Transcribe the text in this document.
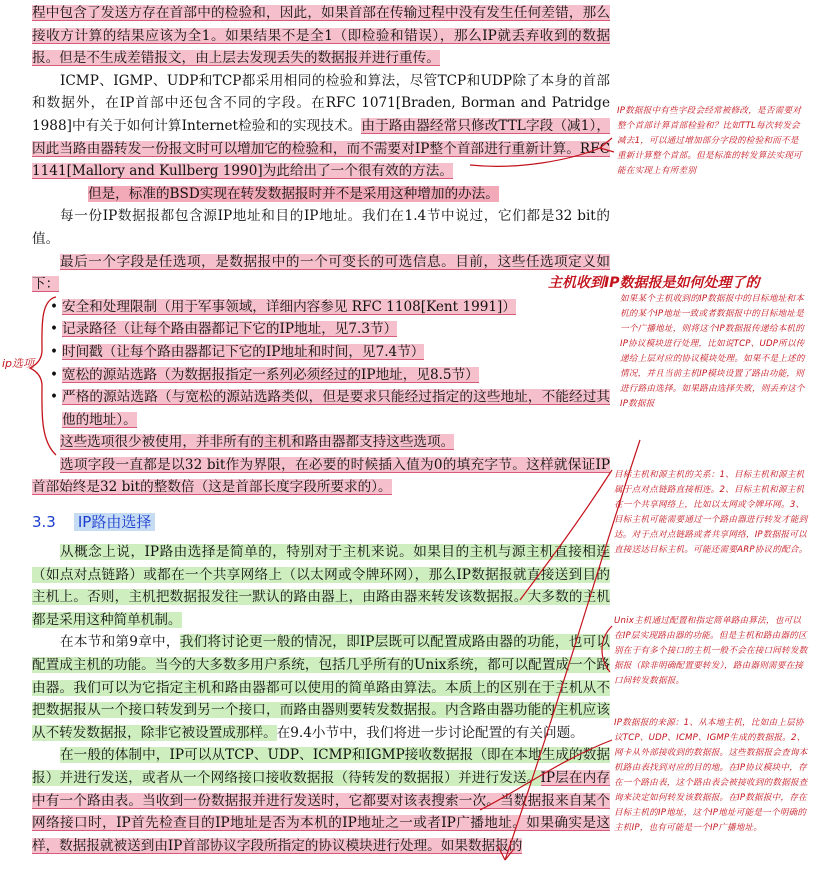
程中包含了发送方存在首部中的检验和，因此，如果首部在传输过程中没有发生任何差错，那么接收方计算的结果应该为全1。如果结果不是全1（即检验和错误），那么IP就丢弃收到的数据报。但是不生成差错报文，由上层去发现丢失的数据报并进行重传。

ICMP、IGMP、UDP和TCP都采用相同的检验和算法，尽管TCP和UDP除了本身的首部和数据外，在IP首部中还包含不同的字段。在RFC 1071[Braden, Borman and Patridge 1988]中有关于如何计算Internet检验和的实现技术。由于路由器经常只修改TTL字段（减1），因此当路由器转发一份报文时可以增加它的检验和，而不需要对IP整个首部进行重新计算。RFC 1141[Mallory and Kullberg 1990]为此给出了一个很有效的方法。

但是，标准的BSD实现在转发数据报时并不是采用这种增加的办法。

每一份IP数据报都包含源IP地址和目的IP地址。我们在1.4节中说过，它们都是32 bit的值。

最后一个字段是任选项，是数据报中的一个可变长的可选信息。目前，这些任选项定义如下：

• 安全和处理限制（用于军事领域，详细内容参见 RFC 1108[Kent 1991]）
• 记录路径（让每个路由器都记下它的IP地址，见7.3节）
• 时间戳（让每个路由器都记下它的IP地址和时间，见7.4节）
• 宽松的源站选路（为数据报指定一系列必须经过的IP地址，见8.5节）
• 严格的源站选路（与宽松的源站选路类似，但是要求只能经过指定的这些地址，不能经过其他的地址）。

这些选项很少被使用，并非所有的主机和路由器都支持这些选项。

选项字段一直都是以32 bit作为界限，在必要的时候插入值为0的填充字节。这样就保证IP首部始终是32 bit的整数倍（这是首部长度字段所要求的）。

3.3 IP路由选择

从概念上说，IP路由选择是简单的，特别对于主机来说。如果目的主机与源主机直接相连（如点对点链路）或都在一个共享网络上（以太网或令牌环网），那么IP数据报就直接送到目的主机上。否则，主机把数据报发往一默认的路由器上，由路由器来转发该数据报。大多数的主机都是采用这种简单机制。

在本节和第9章中，我们将讨论更一般的情况，即IP层既可以配置成路由器的功能，也可以配置成主机的功能。当今的大多数多用户系统，包括几乎所有的Unix系统，都可以配置成一个路由器。我们可以为它指定主机和路由器都可以使用的简单路由算法。本质上的区别在于主机从不把数据报从一个接口转发到另一个接口，而路由器则要转发数据报。内含路由器功能的主机应该从不转发数据报，除非它被设置成那样。在9.4小节中，我们将进一步讨论配置的有关问题。

在一般的体制中，IP可以从TCP、UDP、ICMP和IGMP接收数据报（即在本地生成的数据报）并进行发送，或者从一个网络接口接收数据报（待转发的数据报）并进行发送。IP层在内存中有一个路由表。当收到一份数据报并进行发送时，它都要对该表搜索一次。当数据报来自某个网络接口时，IP首先检查目的IP地址是否为本机的IP地址之一或者IP广播地址。如果确实是这样，数据报就被送到由IP首部协议字段所指定的协议模块进行处理。如果数据报的

ip选项
IP数据报中有些字段会经常被修改，是否需要对整个首部计算首部检验和？比如TTL每次转发会减去1，可以通过增加部分字段的检验和而不是重新计算整个首部。但是标准的转发算法实现可能在实现上有所差别
主机收到IP数据报是如何处理了的
如果某个主机收到的IP数据报中的目标地址和本机的某个IP地址一致或者数据报中的目标地址是一个广播地址，则将这个IP数据报传递给本机的IP协议模块进行处理，比如说TCP、UDP所以传递给上层对应的协议模块处理。如果不是上述的情况，并且当前主机IP模块设置了路由功能，则进行路由选择。如果路由选择失败，则丢弃这个IP数据报
目标主机和源主机的关系：1、目标主机和源主机属于点对点链路直接相连。2、目标主机和源主机在一个共享网络上，比如以太网或令牌环网。3、目标主机可能需要通过一个路由器进行转发才能到达。对于点对点链路或者共享网络，IP数据报可以直接送达目标主机。可能还需要ARP协议的配合。
Unix主机通过配置和指定简单路由算法，也可以在IP层实现路由器的功能。但是主机和路由器的区别在于有多个接口的主机一般不会在接口间转发数据报（除非明确配置要转发），路由器则需要在接口间转发数据报。
IP数据报的来源：1、从本地主机，比如由上层协议TCP、UDP、ICMP、IGMP生成的数据报。2、网卡从外部接收到的数据报。这些数据报会查询本机路由表找到对应的目的地。在IP协议模块中，存在一个路由表，这个路由表会被接收到的数据报查询来决定如何转发该数据报。在IP数据报中，存在目标主机的IP地址，这个IP地址可能是一个明确的主机IP，也有可能是一个IP广播地址。
